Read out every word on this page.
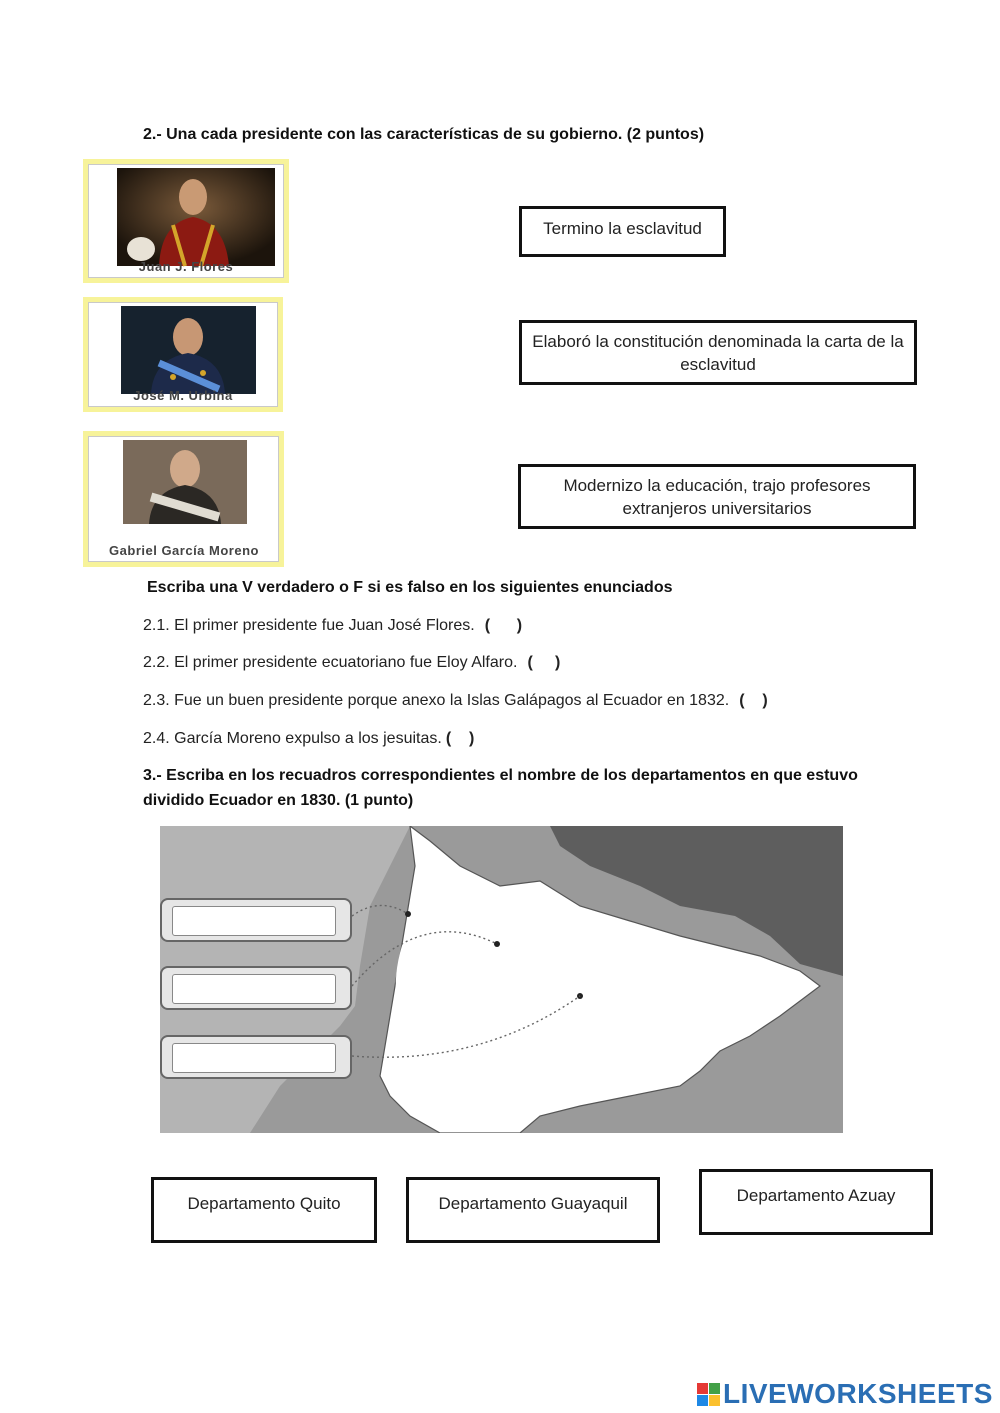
2.- Una cada presidente con las características de su gobierno. (2 puntos)
Juan J. Flores
José M. Urbina
Gabriel García Moreno
Termino la esclavitud
Elaboró la constitución denominada la carta de la esclavitud
Modernizo la educación, trajo profesores extranjeros universitarios
Escriba una V verdadero o F si es falso en los siguientes enunciados
2.1. El primer presidente fue Juan José Flores. (      )
2.2. El primer presidente ecuatoriano fue Eloy Alfaro. (     )
2.3. Fue un buen presidente porque anexo la Islas Galápagos al Ecuador en 1832. (    )
2.4. García Moreno expulso a los jesuitas. (    )
3.- Escriba en los recuadros correspondientes el nombre de los departamentos en que estuvo
dividido Ecuador en 1830. (1 punto)
Departamento Quito	Departamento Guayaquil	Departamento Azuay
LIVEWORKSHEETS
